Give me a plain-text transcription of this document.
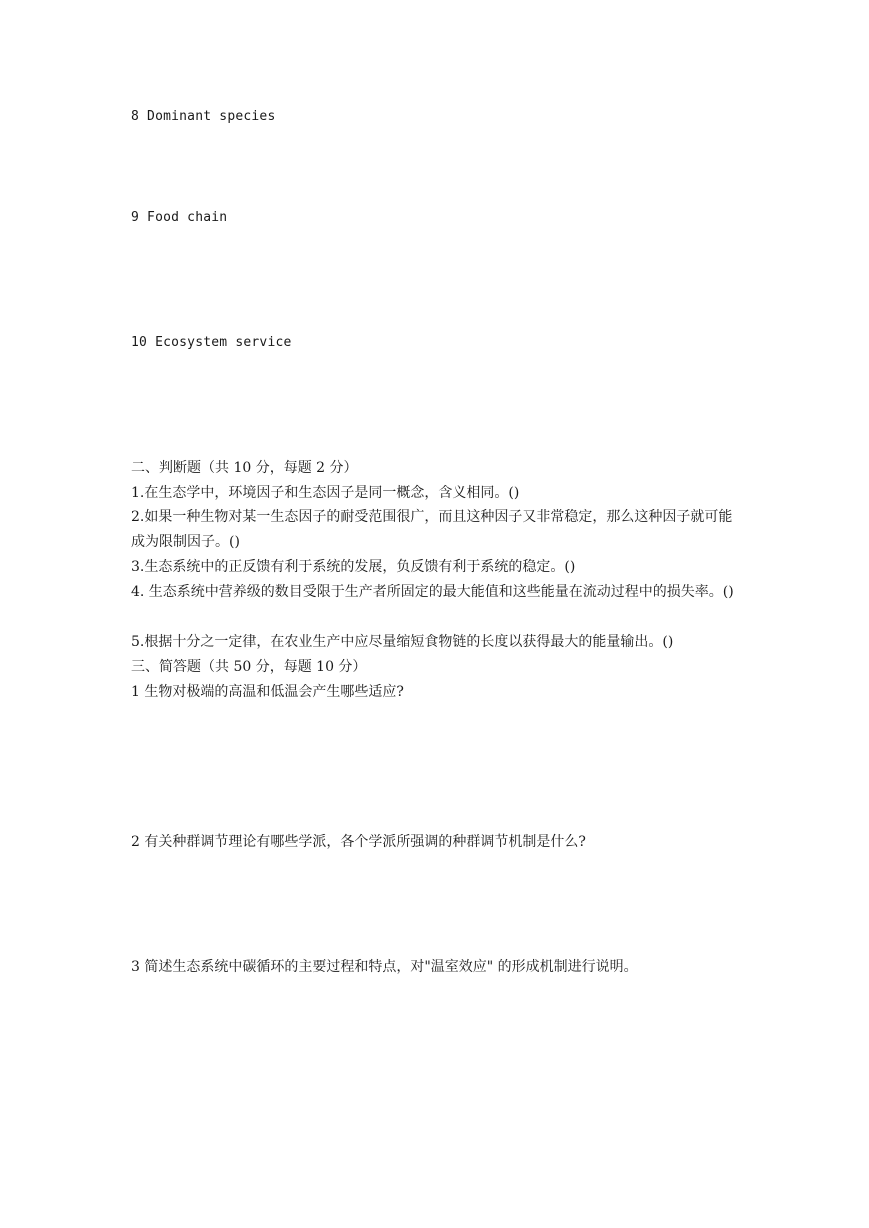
8 Dominant species
9 Food chain
10 Ecosystem service
二、判断题（共 10 分，每题 2 分）
1.在生态学中，环境因子和生态因子是同一概念，含义相同。()
2.如果一种生物对某一生态因子的耐受范围很广，而且这种因子又非常稳定，那么这种因子就可能成为限制因子。()
3.生态系统中的正反馈有利于系统的发展，负反馈有利于系统的稳定。()
4. 生态系统中营养级的数目受限于生产者所固定的最大能值和这些能量在流动过程中的损失率。()
5.根据十分之一定律，在农业生产中应尽量缩短食物链的长度以获得最大的能量输出。()
三、简答题（共 50 分，每题 10 分）
1 生物对极端的高温和低温会产生哪些适应?
2 有关种群调节理论有哪些学派，各个学派所强调的种群调节机制是什么?
3 简述生态系统中碳循环的主要过程和特点，对"温室效应" 的形成机制进行说明。
